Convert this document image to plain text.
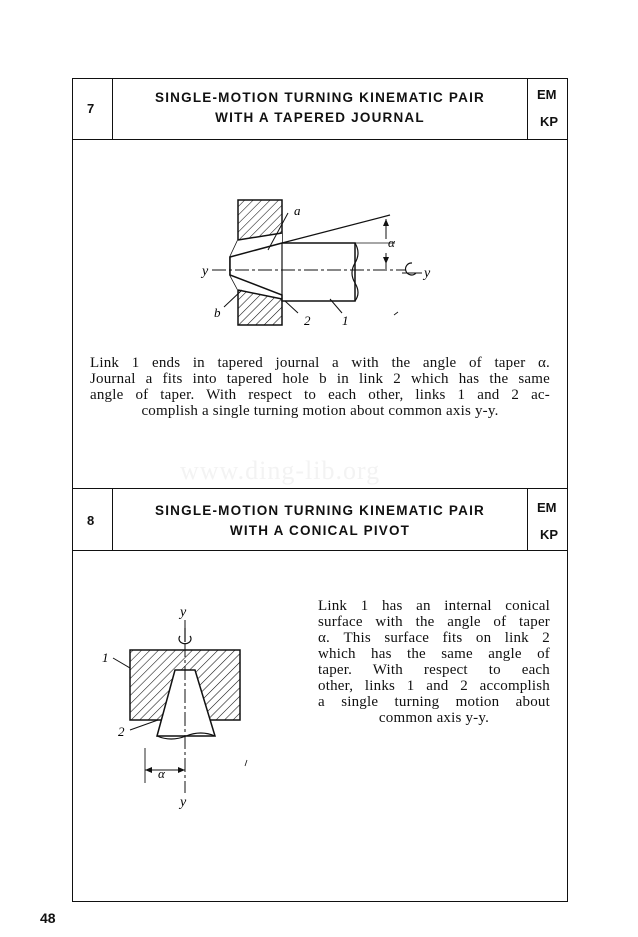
7
SINGLE-MOTION TURNING KINEMATIC PAIR
WITH A TAPERED JOURNAL
EM
KP
a
α
y	y
b
2 1
Link 1 ends in tapered journal a with the angle of taper α.
Journal a fits into tapered hole b in link 2 which has the same
angle of taper. With respect to each other, links 1 and 2 ac-
complish a single turning motion about common axis y-y.
www.ding-lib.org
8
SINGLE-MOTION TURNING KINEMATIC PAIR
WITH A CONICAL PIVOT
EM
KP
y
1
2
α
y
Link 1 has an internal conical
surface with the angle of taper
α. This surface fits on link 2
which has the same angle of
taper. With respect to each
other, links 1 and 2 accomplish
a single turning motion about
common axis y-y.
48
